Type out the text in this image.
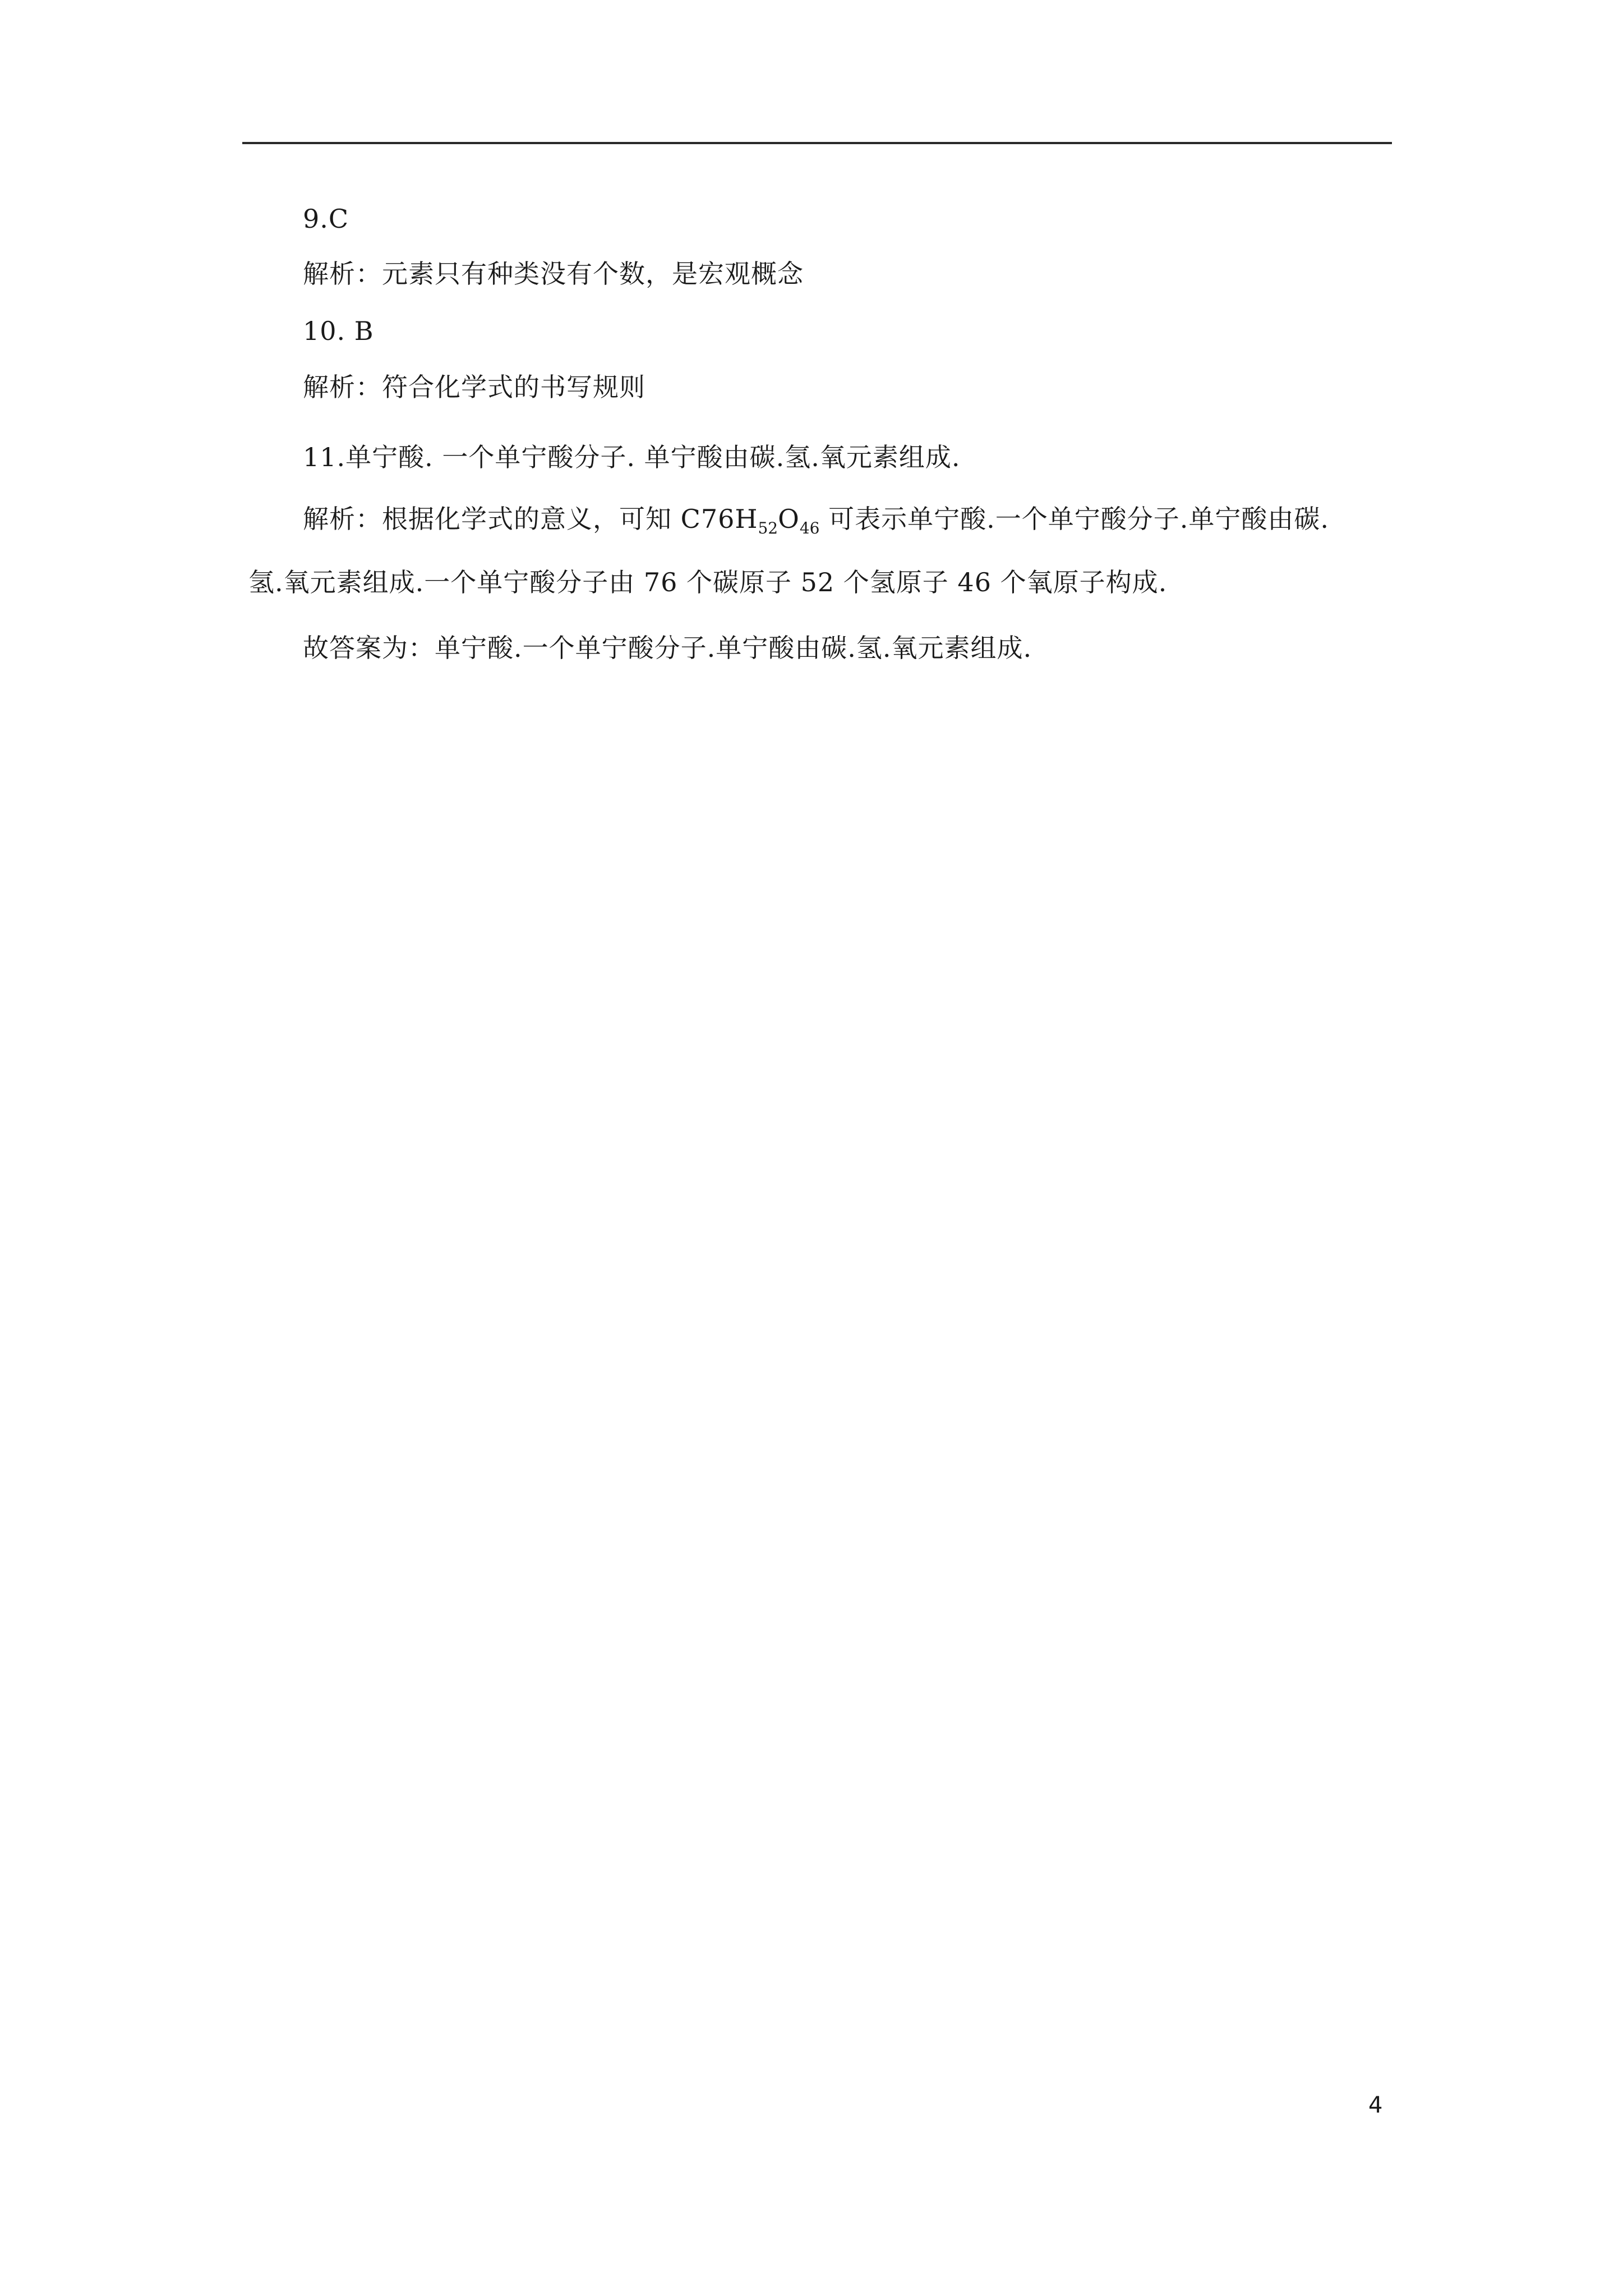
9.C
解析：元素只有种类没有个数，是宏观概念
10. B
解析：符合化学式的书写规则
11.单宁酸. 一个单宁酸分子. 单宁酸由碳.氢.氧元素组成.
解析：根据化学式的意义，可知 $C76H_{52}O_{46}$ 可表示单宁酸.一个单宁酸分子.单宁酸由碳.
氢.氧元素组成.一个单宁酸分子由 76 个碳原子 52 个氢原子 46 个氧原子构成.
故答案为：单宁酸.一个单宁酸分子.单宁酸由碳.氢.氧元素组成.
4
